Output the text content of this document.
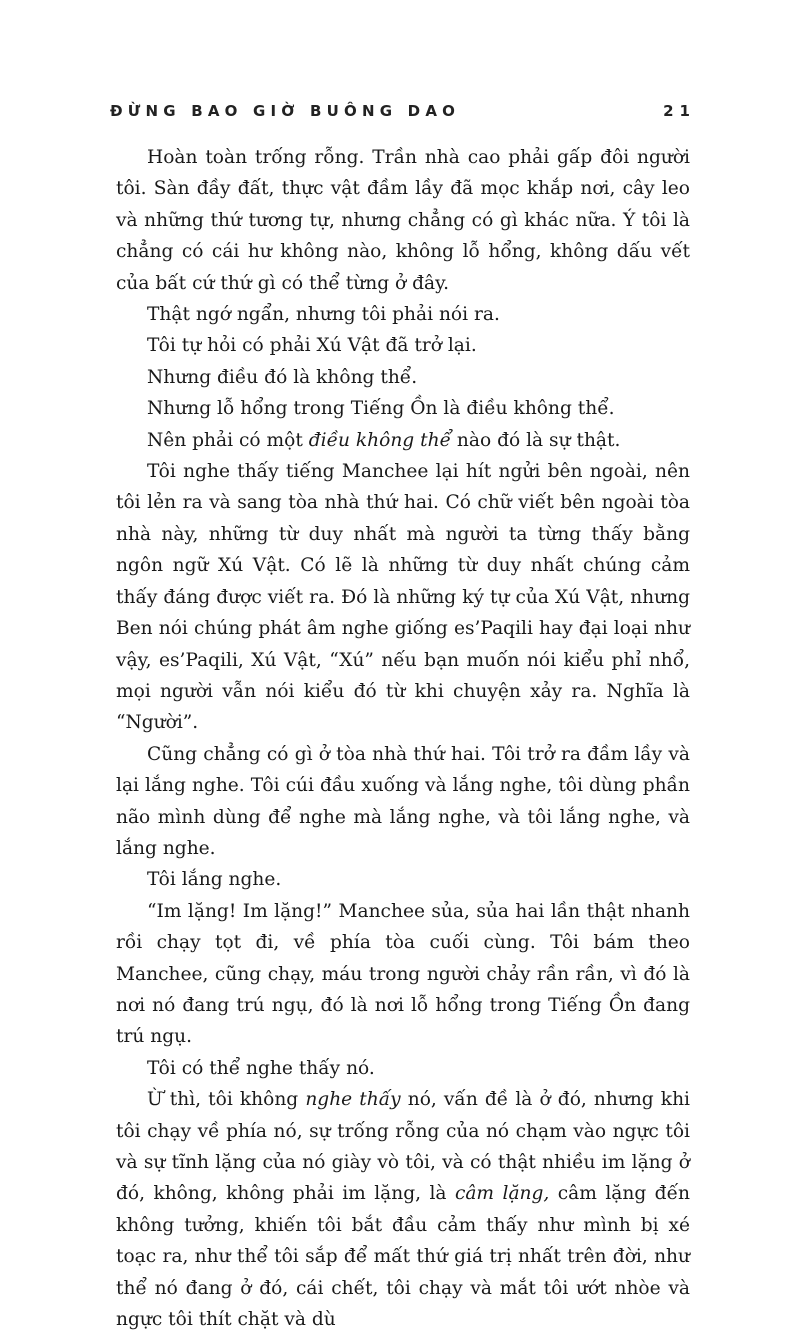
ĐỪNG BAO GIỜ BUÔNG DAO	21

Hoàn toàn trống rỗng. Trần nhà cao phải gấp đôi người tôi. Sàn đầy đất, thực vật đầm lầy đã mọc khắp nơi, cây leo và những thứ tương tự, nhưng chẳng có gì khác nữa. Ý tôi là chẳng có cái hư không nào, không lỗ hổng, không dấu vết của bất cứ thứ gì có thể từng ở đây.

Thật ngớ ngẩn, nhưng tôi phải nói ra.

Tôi tự hỏi có phải Xú Vật đã trở lại.

Nhưng điều đó là không thể.

Nhưng lỗ hổng trong Tiếng Ồn là điều không thể.

Nên phải có một điều không thể nào đó là sự thật.

Tôi nghe thấy tiếng Manchee lại hít ngửi bên ngoài, nên tôi lẻn ra và sang tòa nhà thứ hai. Có chữ viết bên ngoài tòa nhà này, những từ duy nhất mà người ta từng thấy bằng ngôn ngữ Xú Vật. Có lẽ là những từ duy nhất chúng cảm thấy đáng được viết ra. Đó là những ký tự của Xú Vật, nhưng Ben nói chúng phát âm nghe giống es’Paqili hay đại loại như vậy, es’Paqili, Xú Vật, “Xú” nếu bạn muốn nói kiểu phỉ nhổ, mọi người vẫn nói kiểu đó từ khi chuyện xảy ra. Nghĩa là “Người”.

Cũng chẳng có gì ở tòa nhà thứ hai. Tôi trở ra đầm lầy và lại lắng nghe. Tôi cúi đầu xuống và lắng nghe, tôi dùng phần não mình dùng để nghe mà lắng nghe, và tôi lắng nghe, và lắng nghe.

Tôi lắng nghe.

“Im lặng! Im lặng!” Manchee sủa, sủa hai lần thật nhanh rồi chạy tọt đi, về phía tòa cuối cùng. Tôi bám theo Manchee, cũng chạy, máu trong người chảy rần rần, vì đó là nơi nó đang trú ngụ, đó là nơi lỗ hổng trong Tiếng Ồn đang trú ngụ.

Tôi có thể nghe thấy nó.

Ừ thì, tôi không nghe thấy nó, vấn đề là ở đó, nhưng khi tôi chạy về phía nó, sự trống rỗng của nó chạm vào ngực tôi và sự tĩnh lặng của nó giày vò tôi, và có thật nhiều im lặng ở đó, không, không phải im lặng, là câm lặng, câm lặng đến không tưởng, khiến tôi bắt đầu cảm thấy như mình bị xé toạc ra, như thể tôi sắp để mất thứ giá trị nhất trên đời, như thể nó đang ở đó, cái chết, tôi chạy và mắt tôi ướt nhòe và ngực tôi thít chặt và dù
